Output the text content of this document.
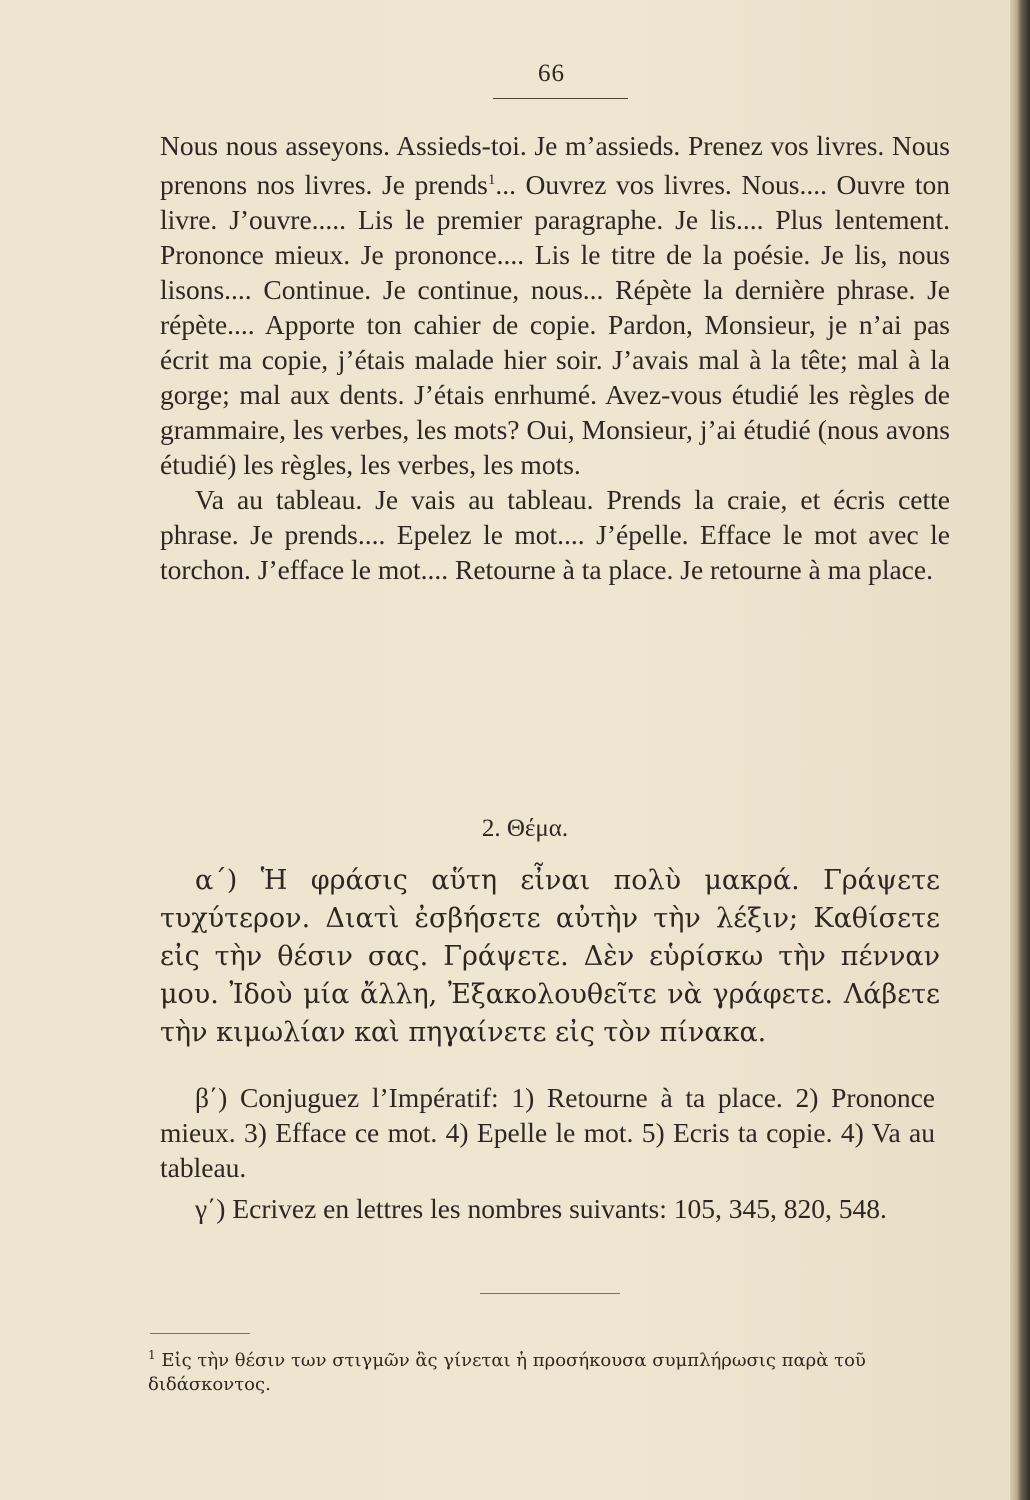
66

Nous nous asseyons. Assieds-toi. Je m’assieds. Prenez vos livres. Nous prenons nos livres. Je prends$^1$... Ouvrez vos livres. Nous.... Ouvre ton livre. J’ouvre..... Lis le premier paragraphe. Je lis.... Plus lentement. Prononce mieux. Je prononce.... Lis le titre de la poésie. Je lis, nous lisons.... Continue. Je continue, nous... Répète la dernière phrase. Je répète.... Apporte ton cahier de copie. Pardon, Monsieur, je n’ai pas écrit ma copie, j’étais malade hier soir. J’avais mal à la tête; mal à la gorge; mal aux dents. J’étais enrhumé. Avez-vous étudié les règles de grammaire, les verbes, les mots? Oui, Monsieur, j’ai étudié (nous avons étudié) les règles, les verbes, les mots.

Va au tableau. Je vais au tableau. Prends la craie, et écris cette phrase. Je prends.... Epelez le mot.... J’épelle. Efface le mot avec le torchon. J’efface le mot.... Retourne à ta place. Je retourne à ma place.

2. Θέμα.

α΄) Ἡ φράσις αὕτη εἶναι πολὺ μακρά. Γράψετε τυχύτερον. Διατὶ ἐσβήσετε αὐτὴν τὴν λέξιν; Καθίσετε εἰς τὴν θέσιν σας. Γράψετε. Δὲν εὑρίσκω τὴν πένναν μου. Ἰδοὺ μία ἄλλη, Ἐξακολουθεῖτε νὰ γράφετε. Λάβετε τὴν κιμωλίαν καὶ πηγαίνετε εἰς τὸν πίνακα.

β΄) Conjuguez l’Impératif: 1) Retourne à ta place. 2) Prononce mieux. 3) Efface ce mot. 4) Epelle le mot. 5) Ecris ta copie. 4) Va au tableau.

γ΄) Ecrivez en lettres les nombres suivants: 105, 345, 820, 548.

$^1$ Εἰς τὴν θέσιν των στιγμῶν ἂς γίνεται ἡ προσήκουσα συμπλήρωσις παρὰ τοῦ διδάσκοντος.
